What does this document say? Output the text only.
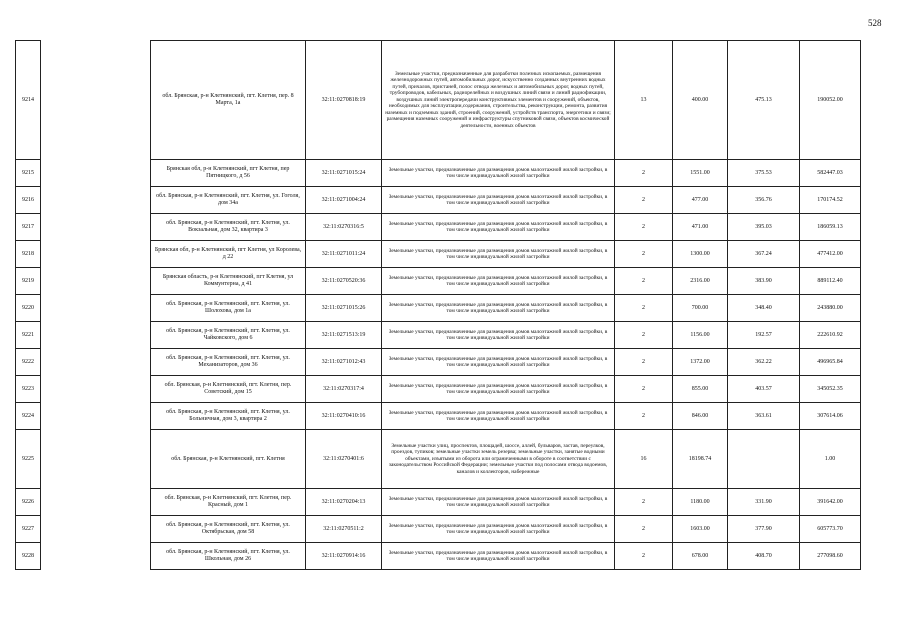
528
9214		обл. Брянская, р-н Клетнянский, пгт. Клетня, пер. 8 Марта, 1а	32:11:0270818:19	Земельные участки, предназначенные для разработки полезных ископаемых, размещения железнодорожных путей, автомобильных дорог, искусственно созданных внутренних водных путей, причалов, пристаней, полос отвода железных и автомобильных дорог, водных путей, трубопроводов, кабельных, радиорелейных и воздушных линий связи и линий радиофикации, воздушных линий электропередачи конструктивных элементов и сооружений, объектов, необходимых для эксплуатации,содержания, строительства, реконструкции, ремонта, развития наземных и подземных зданий, строений, сооружений, устройств транспорта, энергетики и связи; размещения наземных сооружений и инфраструктуры спутниковой связи, объектов космической деятельности, военных объектов	13	400.00	475.13	190052.00
9215		Брянская обл, р-н Клетнянский, пгт Клетня, пер Пятницкого, д 56	32:11:0271015:24	Земельные участки, предназначенные для размещения домов малоэтажной жилой застройки, в том числе индивидуальной жилой застройки	2	1551.00	375.53	582447.03
9216		обл. Брянская, р-н Клетнянский, пгт. Клетня, ул. Гоголя, дом 34а	32:11:0271004:24	Земельные участки, предназначенные для размещения домов малоэтажной жилой застройки, в том числе индивидуальной жилой застройки	2	477.00	356.76	170174.52
9217		обл. Брянская, р-н Клетнянский, пгт. Клетня, ул. Вокзальная, дом 32, квартира 3	32:11:0270316:5	Земельные участки, предназначенные для размещения домов малоэтажной жилой застройки, в том числе индивидуальной жилой застройки	2	471.00	395.03	186059.13
9218		Брянская обл, р-н Клетнянский, пгт Клетня, ул Королева, д 22	32:11:0271011:24	Земельные участки, предназначенные для размещения домов малоэтажной жилой застройки, в том числе индивидуальной жилой застройки	2	1300.00	367.24	477412.00
9219		Брянская область, р-н Клетнянский, пгт Клетня, ул Коммунтерна, д 41	32:11:0270520:36	Земельные участки, предназначенные для размещения домов малоэтажной жилой застройки, в том числе индивидуальной жилой застройки	2	2316.00	383.90	889112.40
9220		обл. Брянская, р-н Клетнянский, пгт. Клетня, ул. Шолохова, дом 1а	32:11:0271015:26	Земельные участки, предназначенные для размещения домов малоэтажной жилой застройки, в том числе индивидуальной жилой застройки	2	700.00	348.40	243880.00
9221		обл. Брянская, р-н Клетнянский, пгт. Клетня, ул. Чайковского, дом 6	32:11:0271513:19	Земельные участки, предназначенные для размещения домов малоэтажной жилой застройки, в том числе индивидуальной жилой застройки	2	1156.00	192.57	222610.92
9222		обл. Брянская, р-н Клетнянский, пгт. Клетня, ул. Механизаторов, дом 36	32:11:0271012:43	Земельные участки, предназначенные для размещения домов малоэтажной жилой застройки, в том числе индивидуальной жилой застройки	2	1372.00	362.22	496965.84
9223		обл. Брянская, р-н Клетнянский, пгт. Клетня, пер. Советский, дом 15	32:11:0270317:4	Земельные участки, предназначенные для размещения домов малоэтажной жилой застройки, в том числе индивидуальной жилой застройки	2	855.00	403.57	345052.35
9224		обл. Брянская, р-н Клетнянский, пгт. Клетня, ул. Больничная, дом 3, квартира 2	32:11:0270410:16	Земельные участки, предназначенные для размещения домов малоэтажной жилой застройки, в том числе индивидуальной жилой застройки	2	846.00	363.61	307614.06
9225		обл. Брянская, р-н Клетнянский, пгт. Клетня	32:11:0270401:6	Земельные участки улиц, проспектов, площадей, шоссе, аллей, бульваров, застав, переулков, проездов, тупиков; земельные участки земель резерва; земельные участки, занятые водными объектами, изъятыми из оборота или ограниченными в обороте в соответствии с законодательством Российской Федерации; земельные участки под полосами отвода водоемов, каналов и коллекторов, набережные	16	18198.74		1.00
9226		обл. Брянская, р-н Клетнянский, пгт. Клетня, пер. Красный, дом 1	32:11:0270204:13	Земельные участки, предназначенные для размещения домов малоэтажной жилой застройки, в том числе индивидуальной жилой застройки	2	1180.00	331.90	391642.00
9227		обл. Брянская, р-н Клетнянский, пгт. Клетня, ул. Октябрьская, дом 58	32:11:0270511:2	Земельные участки, предназначенные для размещения домов малоэтажной жилой застройки, в том числе индивидуальной жилой застройки	2	1603.00	377.90	605773.70
9228		обл. Брянская, р-н Клетнянский, пгт. Клетня, ул. Школьная, дом 26	32:11:0270914:16	Земельные участки, предназначенные для размещения домов малоэтажной жилой застройки, в том числе индивидуальной жилой застройки	2	678.00	408.70	277098.60
